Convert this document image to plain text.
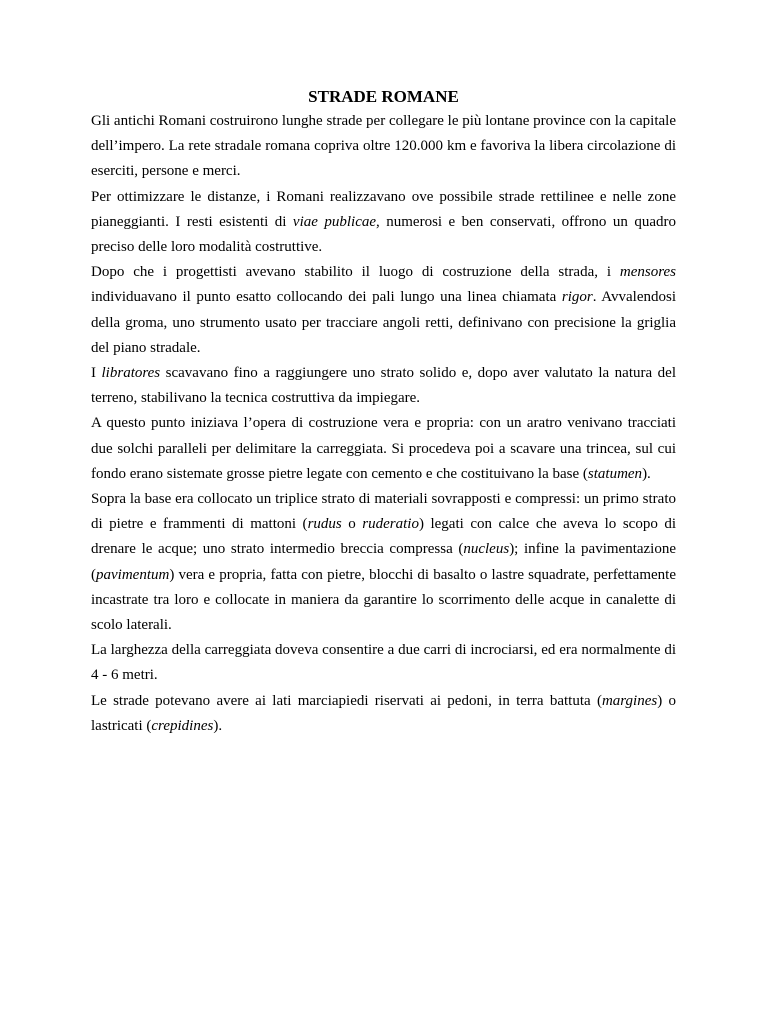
STRADE ROMANE

Gli antichi Romani costruirono lunghe strade per collegare le più lontane province con la capitale dell’impero. La rete stradale romana copriva oltre 120.000 km e favoriva la libera circolazione di eserciti, persone e merci.

Per ottimizzare le distanze, i Romani realizzavano ove possibile strade rettilinee e nelle zone pianeggianti. I resti esistenti di viae publicae, numerosi e ben conservati, offrono un quadro preciso delle loro modalità costruttive.

Dopo che i progettisti avevano stabilito il luogo di costruzione della strada, i mensores individuavano il punto esatto collocando dei pali lungo una linea chiamata rigor. Avvalendosi della groma, uno strumento usato per tracciare angoli retti, definivano con precisione la griglia del piano stradale.

I libratores scavavano fino a raggiungere uno strato solido e, dopo aver valutato la natura del terreno, stabilivano la tecnica costruttiva da impiegare.

A questo punto iniziava l’opera di costruzione vera e propria: con un aratro venivano tracciati due solchi paralleli per delimitare la carreggiata. Si procedeva poi a scavare una trincea, sul cui fondo erano sistemate grosse pietre legate con cemento e che costituivano la base (statumen).

Sopra la base era collocato un triplice strato di materiali sovrapposti e compressi: un primo strato di pietre e frammenti di mattoni (rudus o ruderatio) legati con calce che aveva lo scopo di drenare le acque; uno strato intermedio breccia compressa (nucleus); infine la pavimentazione (pavimentum) vera e propria, fatta con pietre, blocchi di basalto o lastre squadrate, perfettamente incastrate tra loro e collocate in maniera da garantire lo scorrimento delle acque in canalette di scolo laterali.

La larghezza della carreggiata doveva consentire a due carri di incrociarsi, ed era normalmente di 4 - 6 metri.

Le strade potevano avere ai lati marciapiedi riservati ai pedoni, in terra battuta (margines) o lastricati (crepidines).
